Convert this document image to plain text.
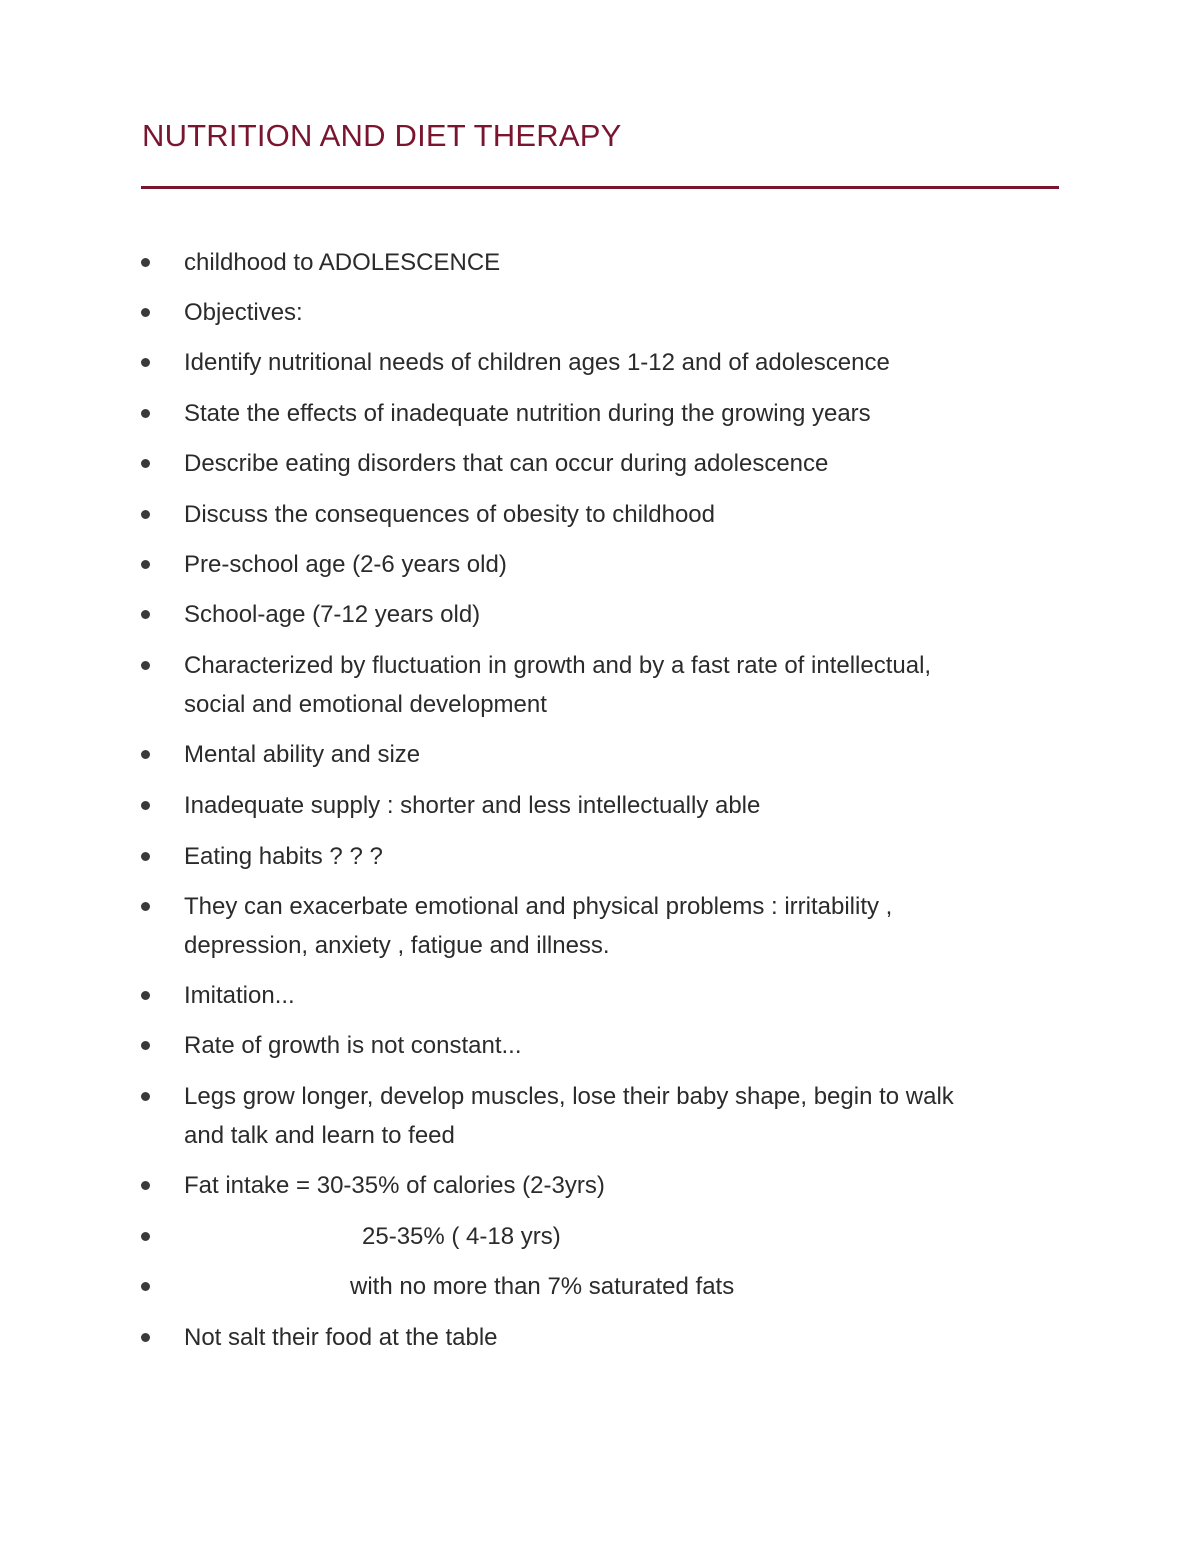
NUTRITION AND DIET THERAPY
childhood to ADOLESCENCE
Objectives:
Identify nutritional needs of children ages 1-12 and of adolescence
State the effects of inadequate nutrition during the growing years
Describe eating disorders that can occur during adolescence
Discuss the consequences of obesity to childhood
Pre-school age (2-6 years old)
School-age (7-12 years old)
Characterized by fluctuation in growth and by a fast rate of intellectual,
social and emotional development
Mental ability and size
Inadequate supply : shorter and less intellectually able
Eating habits ? ? ?
They can exacerbate emotional and physical problems : irritability ,
depression, anxiety , fatigue and illness.
Imitation...
Rate of growth is not constant...
Legs grow longer, develop muscles, lose their baby shape, begin to walk
and talk and learn to feed
Fat intake = 30-35% of calories (2-3yrs)
25-35% ( 4-18 yrs)
with no more than 7% saturated fats
Not salt their food at the table
